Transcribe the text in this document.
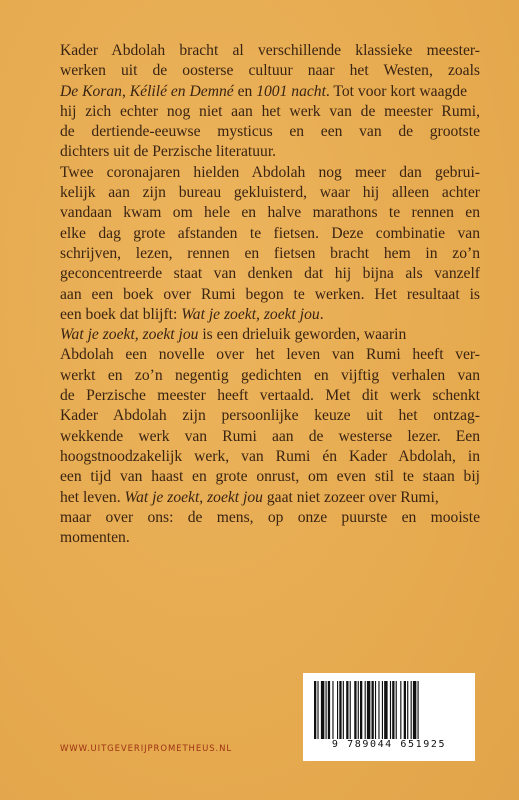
Kader Abdolah bracht al verschillende klassieke meester-
werken uit de oosterse cultuur naar het Westen, zoals
De Koran, Kélilé en Demné en 1001 nacht. Tot voor kort waagde
hij zich echter nog niet aan het werk van de meester Rumi,
de dertiende-eeuwse mysticus en een van de grootste
dichters uit de Perzische literatuur.

Twee coronajaren hielden Abdolah nog meer dan gebrui-
kelijk aan zijn bureau gekluisterd, waar hij alleen achter
vandaan kwam om hele en halve marathons te rennen en
elke dag grote afstanden te fietsen. Deze combinatie van
schrijven, lezen, rennen en fietsen bracht hem in zo’n
geconcentreerde staat van denken dat hij bijna als vanzelf
aan een boek over Rumi begon te werken. Het resultaat is
een boek dat blijft: Wat je zoekt, zoekt jou.

Wat je zoekt, zoekt jou is een drieluik geworden, waarin
Abdolah een novelle over het leven van Rumi heeft ver-
werkt en zo’n negentig gedichten en vijftig verhalen van
de Perzische meester heeft vertaald. Met dit werk schenkt
Kader Abdolah zijn persoonlijke keuze uit het ontzag-
wekkende werk van Rumi aan de westerse lezer. Een
hoogstnoodzakelijk werk, van Rumi én Kader Abdolah, in
een tijd van haast en grote onrust, om even stil te staan bij
het leven. Wat je zoekt, zoekt jou gaat niet zozeer over Rumi,
maar over ons: de mens, op onze puurste en mooiste
momenten.

9 789044 651925
WWW.UITGEVERIJPROMETHEUS.NL
